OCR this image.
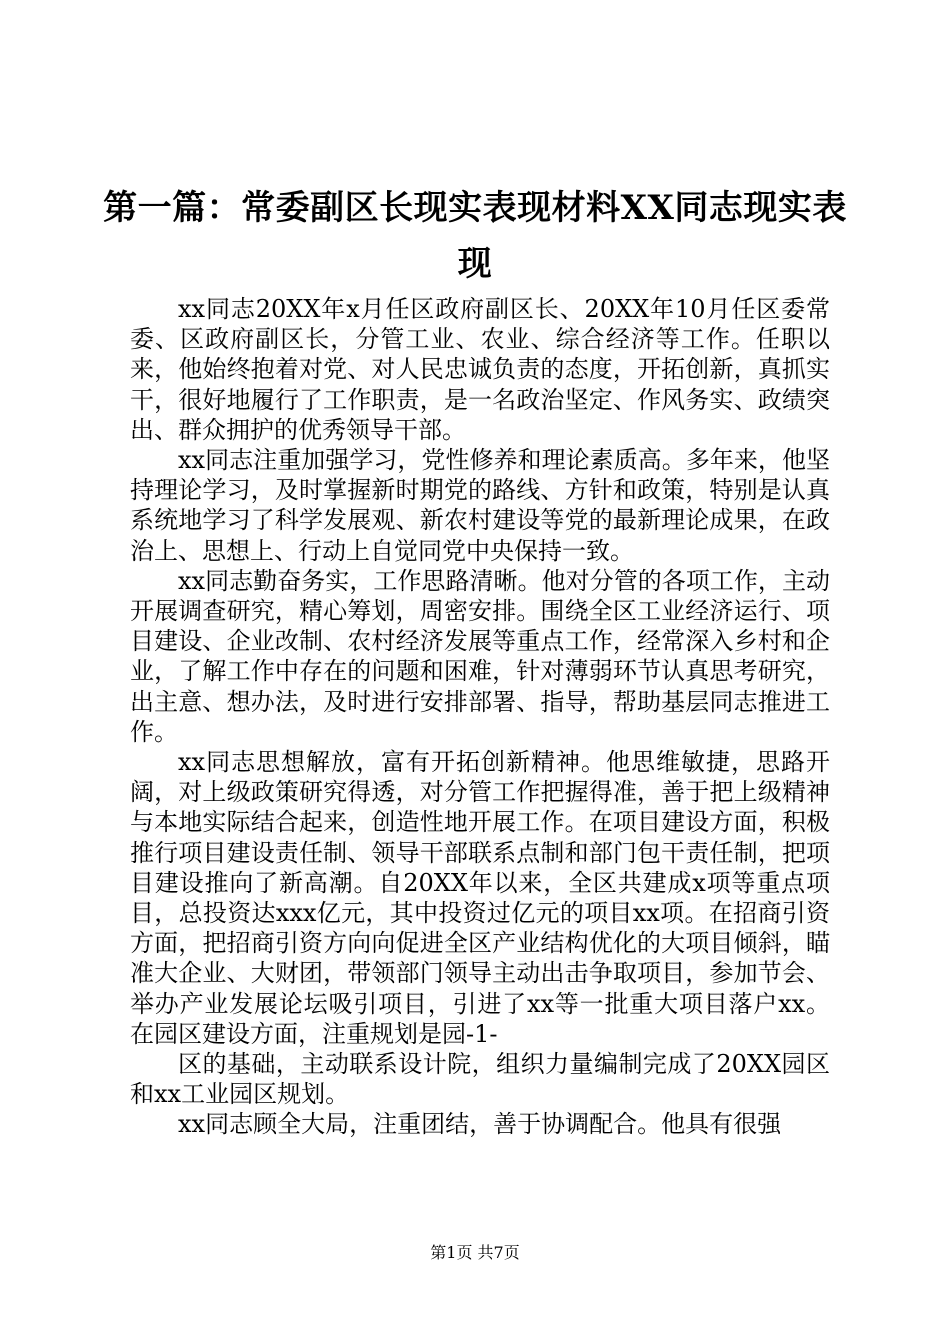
第一篇：常委副区长现实表现材料XX同志现实表现

xx同志20XX年x月任区政府副区长、20XX年10月任区委常委、区政府副区长，分管工业、农业、综合经济等工作。任职以来，他始终抱着对党、对人民忠诚负责的态度，开拓创新，真抓实干，很好地履行了工作职责，是一名政治坚定、作风务实、政绩突出、群众拥护的优秀领导干部。

xx同志注重加强学习，党性修养和理论素质高。多年来，他坚持理论学习，及时掌握新时期党的路线、方针和政策，特别是认真系统地学习了科学发展观、新农村建设等党的最新理论成果，在政治上、思想上、行动上自觉同党中央保持一致。

xx同志勤奋务实，工作思路清晰。他对分管的各项工作，主动开展调查研究，精心筹划，周密安排。围绕全区工业经济运行、项目建设、企业改制、农村经济发展等重点工作，经常深入乡村和企业，了解工作中存在的问题和困难，针对薄弱环节认真思考研究，出主意、想办法，及时进行安排部署、指导，帮助基层同志推进工作。

xx同志思想解放，富有开拓创新精神。他思维敏捷，思路开阔，对上级政策研究得透，对分管工作把握得准，善于把上级精神与本地实际结合起来，创造性地开展工作。在项目建设方面，积极推行项目建设责任制、领导干部联系点制和部门包干责任制，把项目建设推向了新高潮。自20XX年以来，全区共建成x项等重点项目，总投资达xxx亿元，其中投资过亿元的项目xx项。在招商引资方面，把招商引资方向向促进全区产业结构优化的大项目倾斜，瞄准大企业、大财团，带领部门领导主动出击争取项目，参加节会、举办产业发展论坛吸引项目，引进了xx等一批重大项目落户xx。在园区建设方面，注重规划是园-1-

区的基础，主动联系设计院，组织力量编制完成了20XX园区和xx工业园区规划。

xx同志顾全大局，注重团结，善于协调配合。他具有很强

第1页 共7页
